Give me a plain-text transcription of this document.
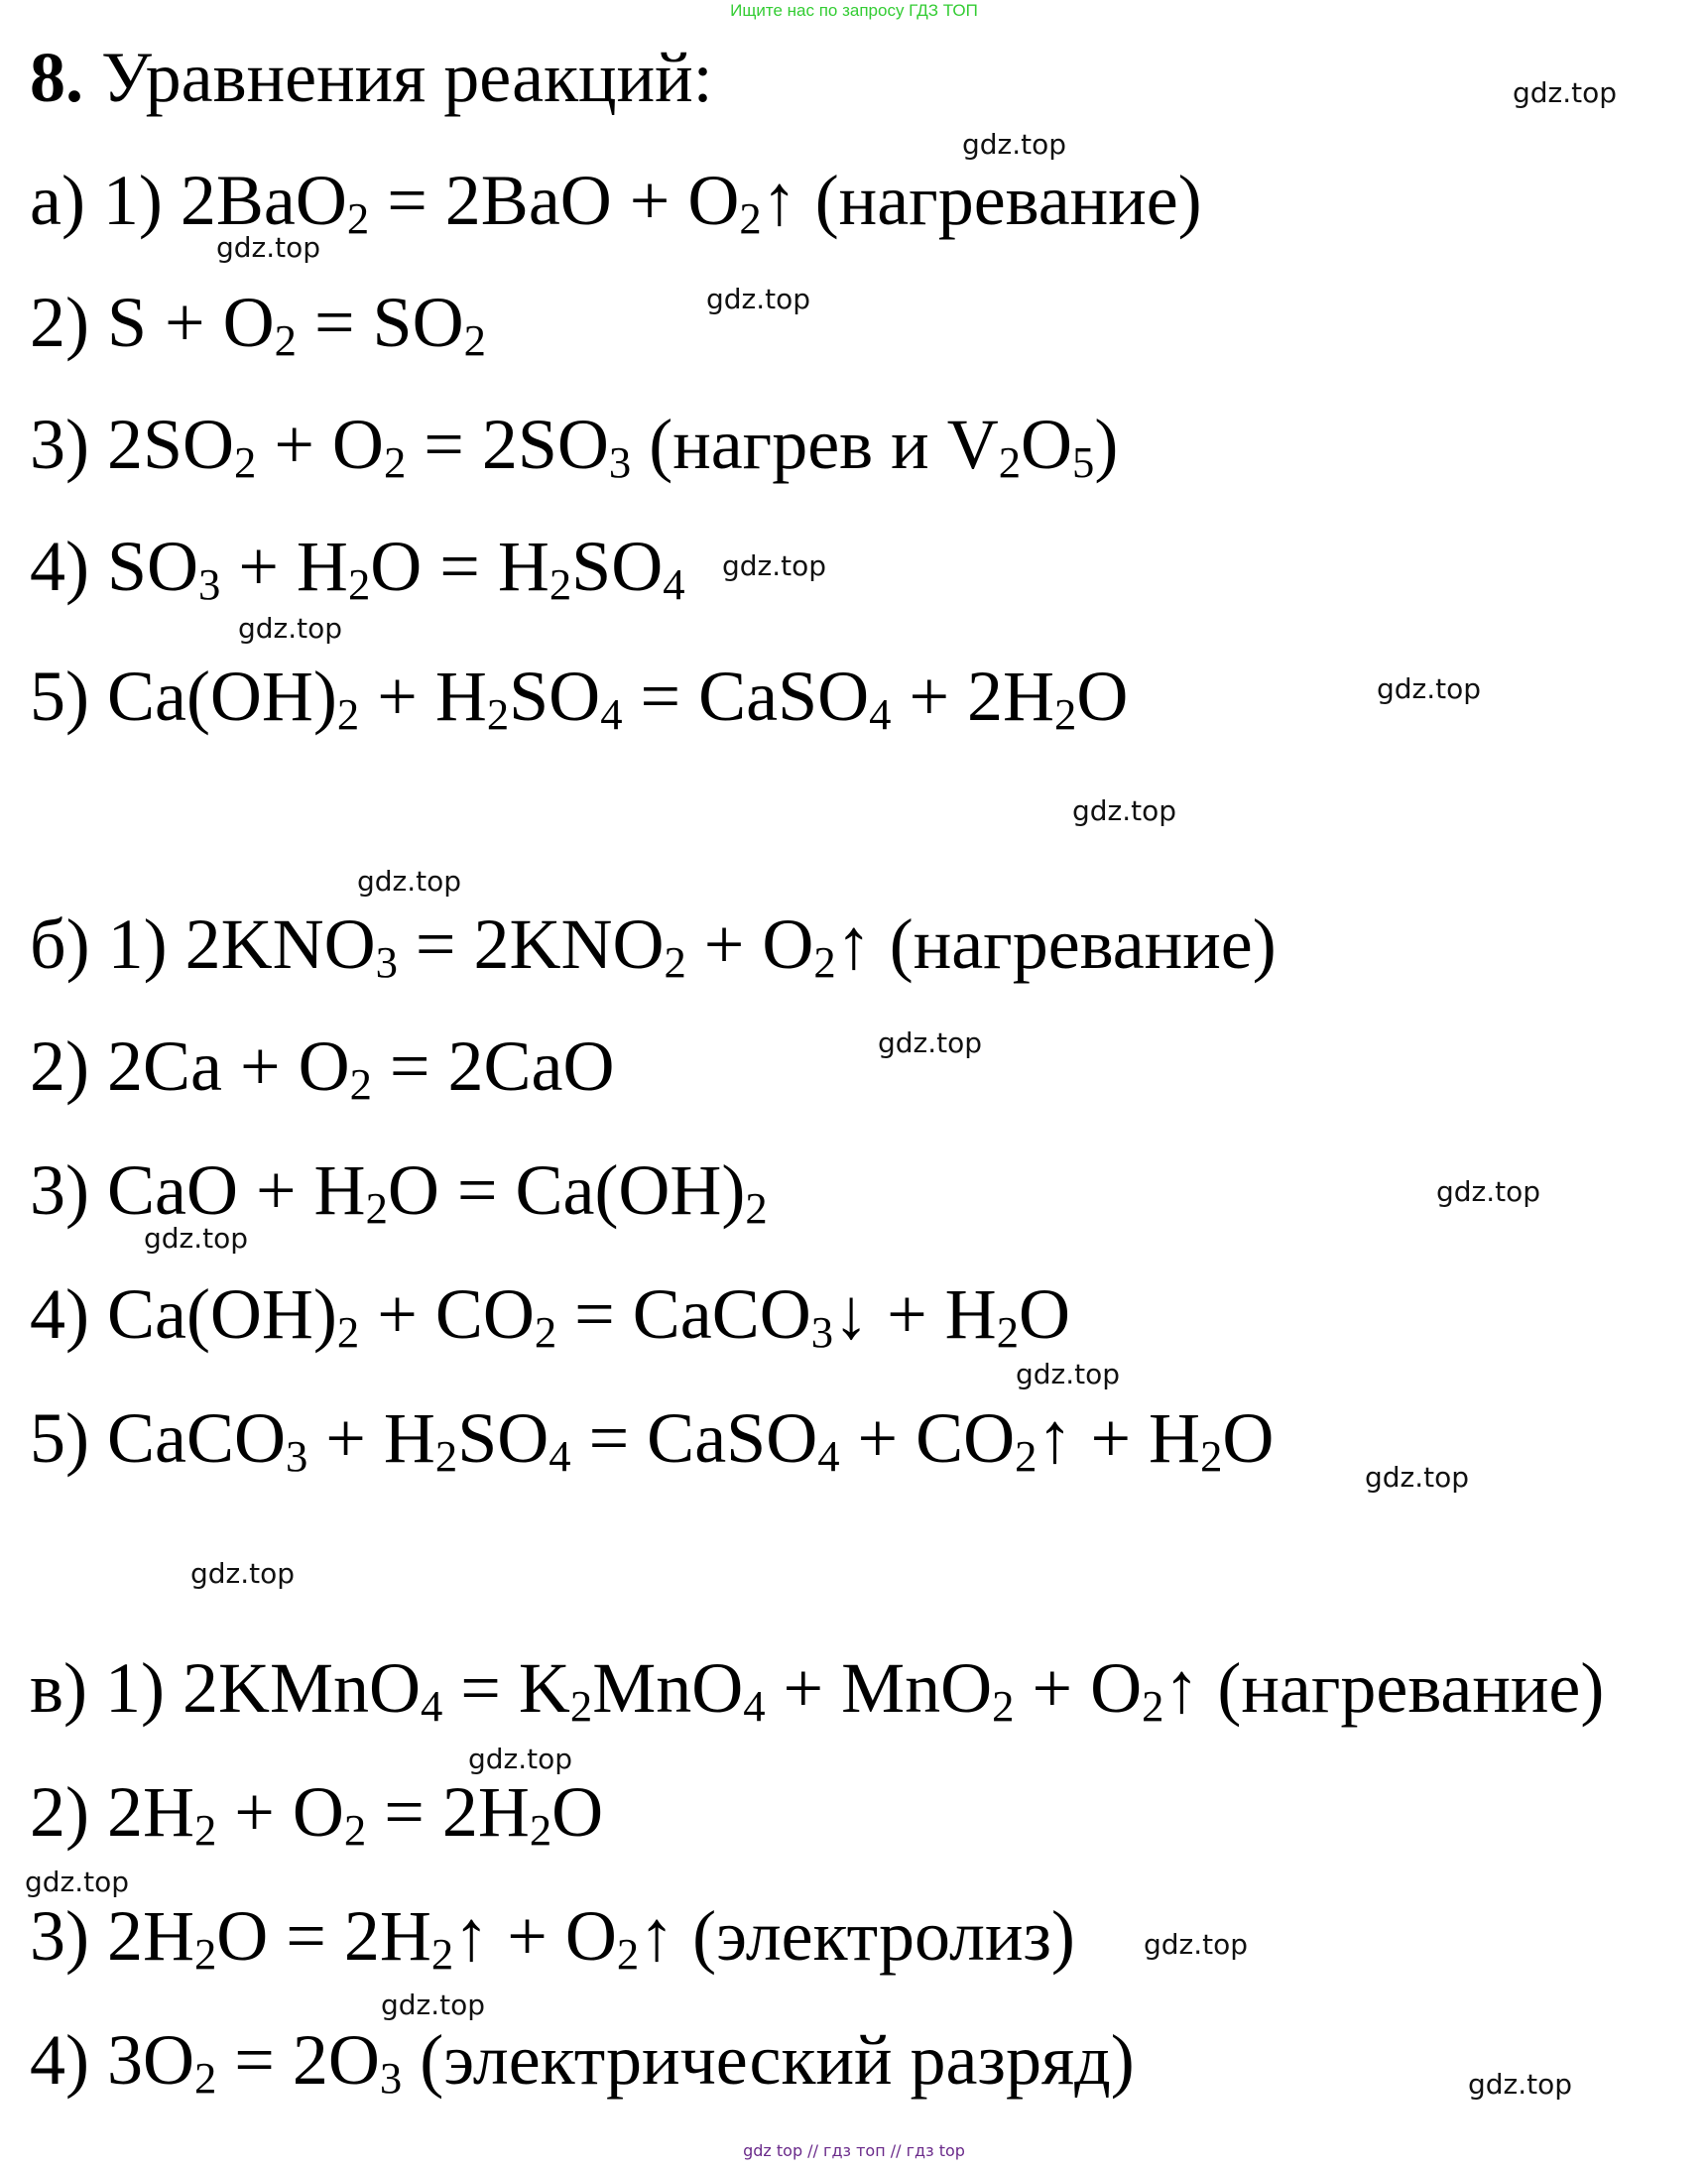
Ищите нас по запросу ГДЗ ТОП
8. Уравнения реакций:
а) 1) 2BaO2 = 2BaO + O2↑ (нагревание)
2) S + O2 = SO2
3) 2SO2 + O2 = 2SO3 (нагрев и V2O5)
4) SO3 + H2O = H2SO4
5) Ca(OH)2 + H2SO4 = CaSO4 + 2H2O
б) 1) 2KNO3 = 2KNO2 + O2↑ (нагревание)
2) 2Ca + O2 = 2CaO
3) CaO + H2O = Ca(OH)2
4) Ca(OH)2 + CO2 = CaCO3↓ + H2O
5) CaCO3 + H2SO4 = CaSO4 + CO2↑ + H2O
в) 1) 2KMnO4 = K2MnO4 + MnO2 + O2↑ (нагревание)
2) 2H2 + O2 = 2H2O
3) 2H2O = 2H2↑ + O2↑ (электролиз)
4) 3O2 = 2O3 (электрический разряд)
gdz.top
gdz.top
gdz.top
gdz.top
gdz.top
gdz.top
gdz.top
gdz.top
gdz.top
gdz.top
gdz.top
gdz.top
gdz.top
gdz.top
gdz.top
gdz.top
gdz.top
gdz.top
gdz.top
gdz.top
gdz top // гдз топ // гдз top
